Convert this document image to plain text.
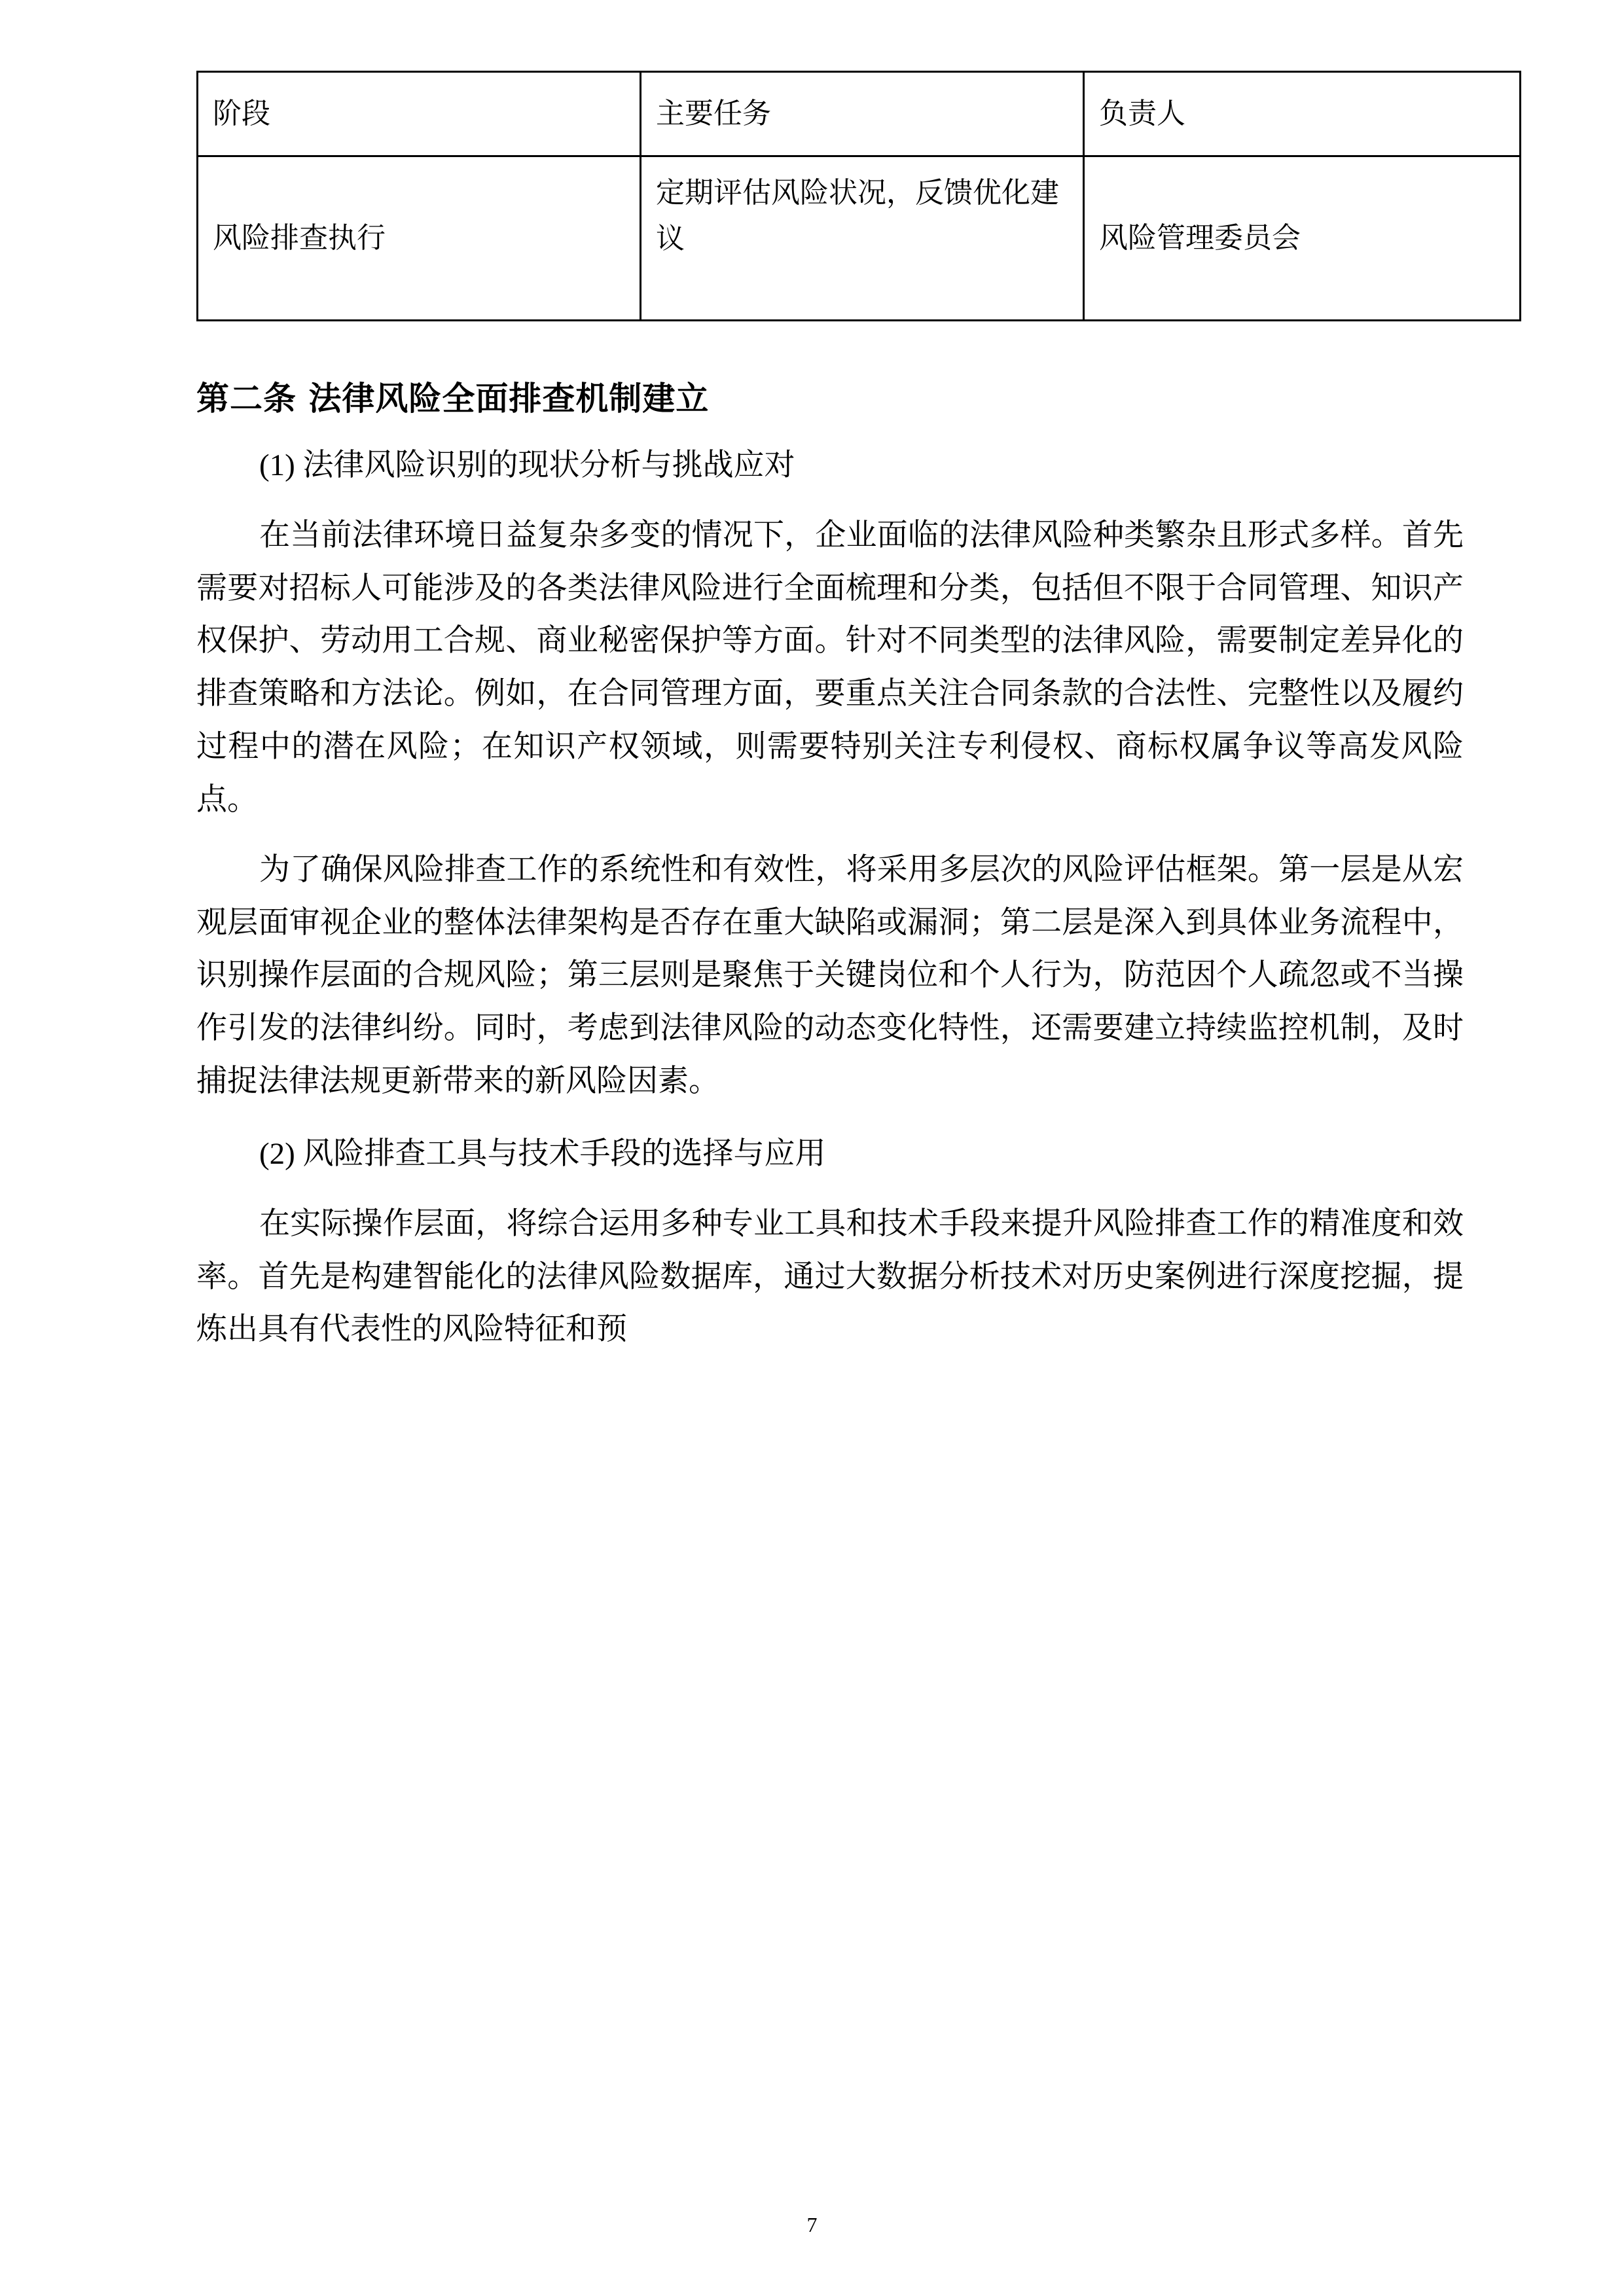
阶段	主要任务	负责人
风险排查执行	定期评估风险状况，反馈优化建议	风险管理委员会
第二条 法律风险全面排查机制建立

(1) 法律风险识别的现状分析与挑战应对

在当前法律环境日益复杂多变的情况下，企业面临的法律风险种类繁杂且形式多样。首先需要对招标人可能涉及的各类法律风险进行全面梳理和分类，包括但不限于合同管理、知识产权保护、劳动用工合规、商业秘密保护等方面。针对不同类型的法律风险，需要制定差异化的排查策略和方法论。例如，在合同管理方面，要重点关注合同条款的合法性、完整性以及履约过程中的潜在风险；在知识产权领域，则需要特别关注专利侵权、商标权属争议等高发风险点。

为了确保风险排查工作的系统性和有效性，将采用多层次的风险评估框架。第一层是从宏观层面审视企业的整体法律架构是否存在重大缺陷或漏洞；第二层是深入到具体业务流程中，识别操作层面的合规风险；第三层则是聚焦于关键岗位和个人行为，防范因个人疏忽或不当操作引发的法律纠纷。同时，考虑到法律风险的动态变化特性，还需要建立持续监控机制，及时捕捉法律法规更新带来的新风险因素。

(2) 风险排查工具与技术手段的选择与应用

在实际操作层面，将综合运用多种专业工具和技术手段来提升风险排查工作的精准度和效率。首先是构建智能化的法律风险数据库，通过大数据分析技术对历史案例进行深度挖掘，提炼出具有代表性的风险特征和预

7
